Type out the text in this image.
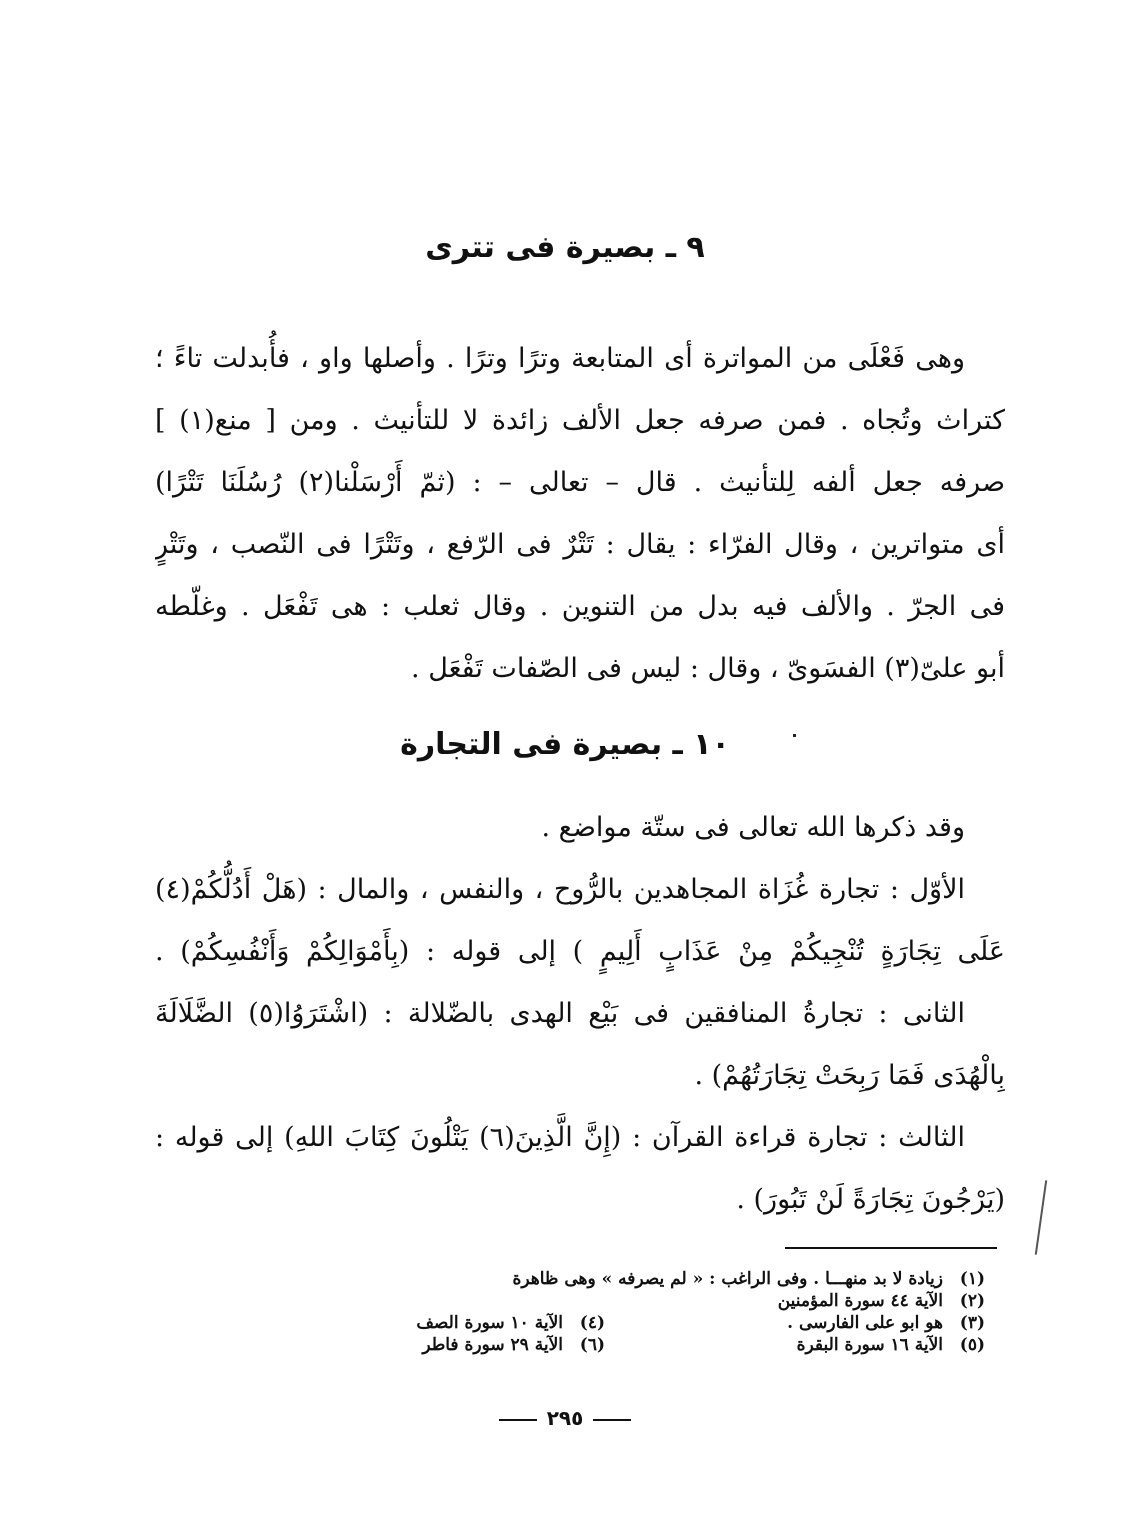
٩ ـ بصيرة فى تترى
وهى فَعْلَى من المواترة أى المتابعة وترًا وترًا . وأصلها واو ، فأُبدلت تاءً ؛
كتراث وتُجاه . فمن صرفه جعل الألف زائدة لا للتأنيث . ومن [ منع(١) ]
صرفه جعل ألفه لِلتأنيث . قال – تعالى – : (ثمّ أَرْسَلْنا(٢) رُسُلَنَا تَتْرًا)
أى متواترين ، وقال الفرّاء : يقال : تَتْرٌ فى الرّفع ، وتَتْرًا فى النّصب ، وتَتْرٍ
فى الجرّ . والألف فيه بدل من التنوين . وقال ثعلب : هى تَفْعَل . وغلّطه
أبو علىّ(٣) الفسَوىّ ، وقال : ليس فى الصّفات تَفْعَل .
١٠ ـ بصيرة فى التجارة
وقد ذكرها الله تعالى فى ستّة مواضع .
الأوّل : تجارة غُزَاة المجاهدين بالرُّوح ، والنفس ، والمال : (هَلْ أَدُلُّكُمْ(٤)
عَلَى تِجَارَةٍ تُنْجِيكُمْ مِنْ عَذَابٍ أَلِيمٍ ) إلى قوله : (بِأَمْوَالِكُمْ وَأَنْفُسِكُمْ) .
الثانى : تجارةُ المنافقين فى بَيْع الهدى بالضّلالة : (اشْتَرَوُا(٥) الضَّلَالَةَ
بِالْهُدَى فَمَا رَبِحَتْ تِجَارَتُهُمْ) .
الثالث : تجارة قراءة القرآن : (إِنَّ الَّذِينَ(٦) يَتْلُونَ كِتَابَ اللهِ) إلى قوله :
(يَرْجُونَ تِجَارَةً لَنْ تَبُورَ) .
(١)
زيادة لا بد منهـــا . وفى الراغب : « لم يصرفه » وهى ظاهرة
(٢)
الآية ٤٤ سورة المؤمنين
(٣)
هو ابو على الفارسى .
(٤)
الآية ١٠ سورة الصف
(٥)
الآية ١٦ سورة البقرة
(٦)
الآية ٢٩ سورة فاطر
٢٩٥
